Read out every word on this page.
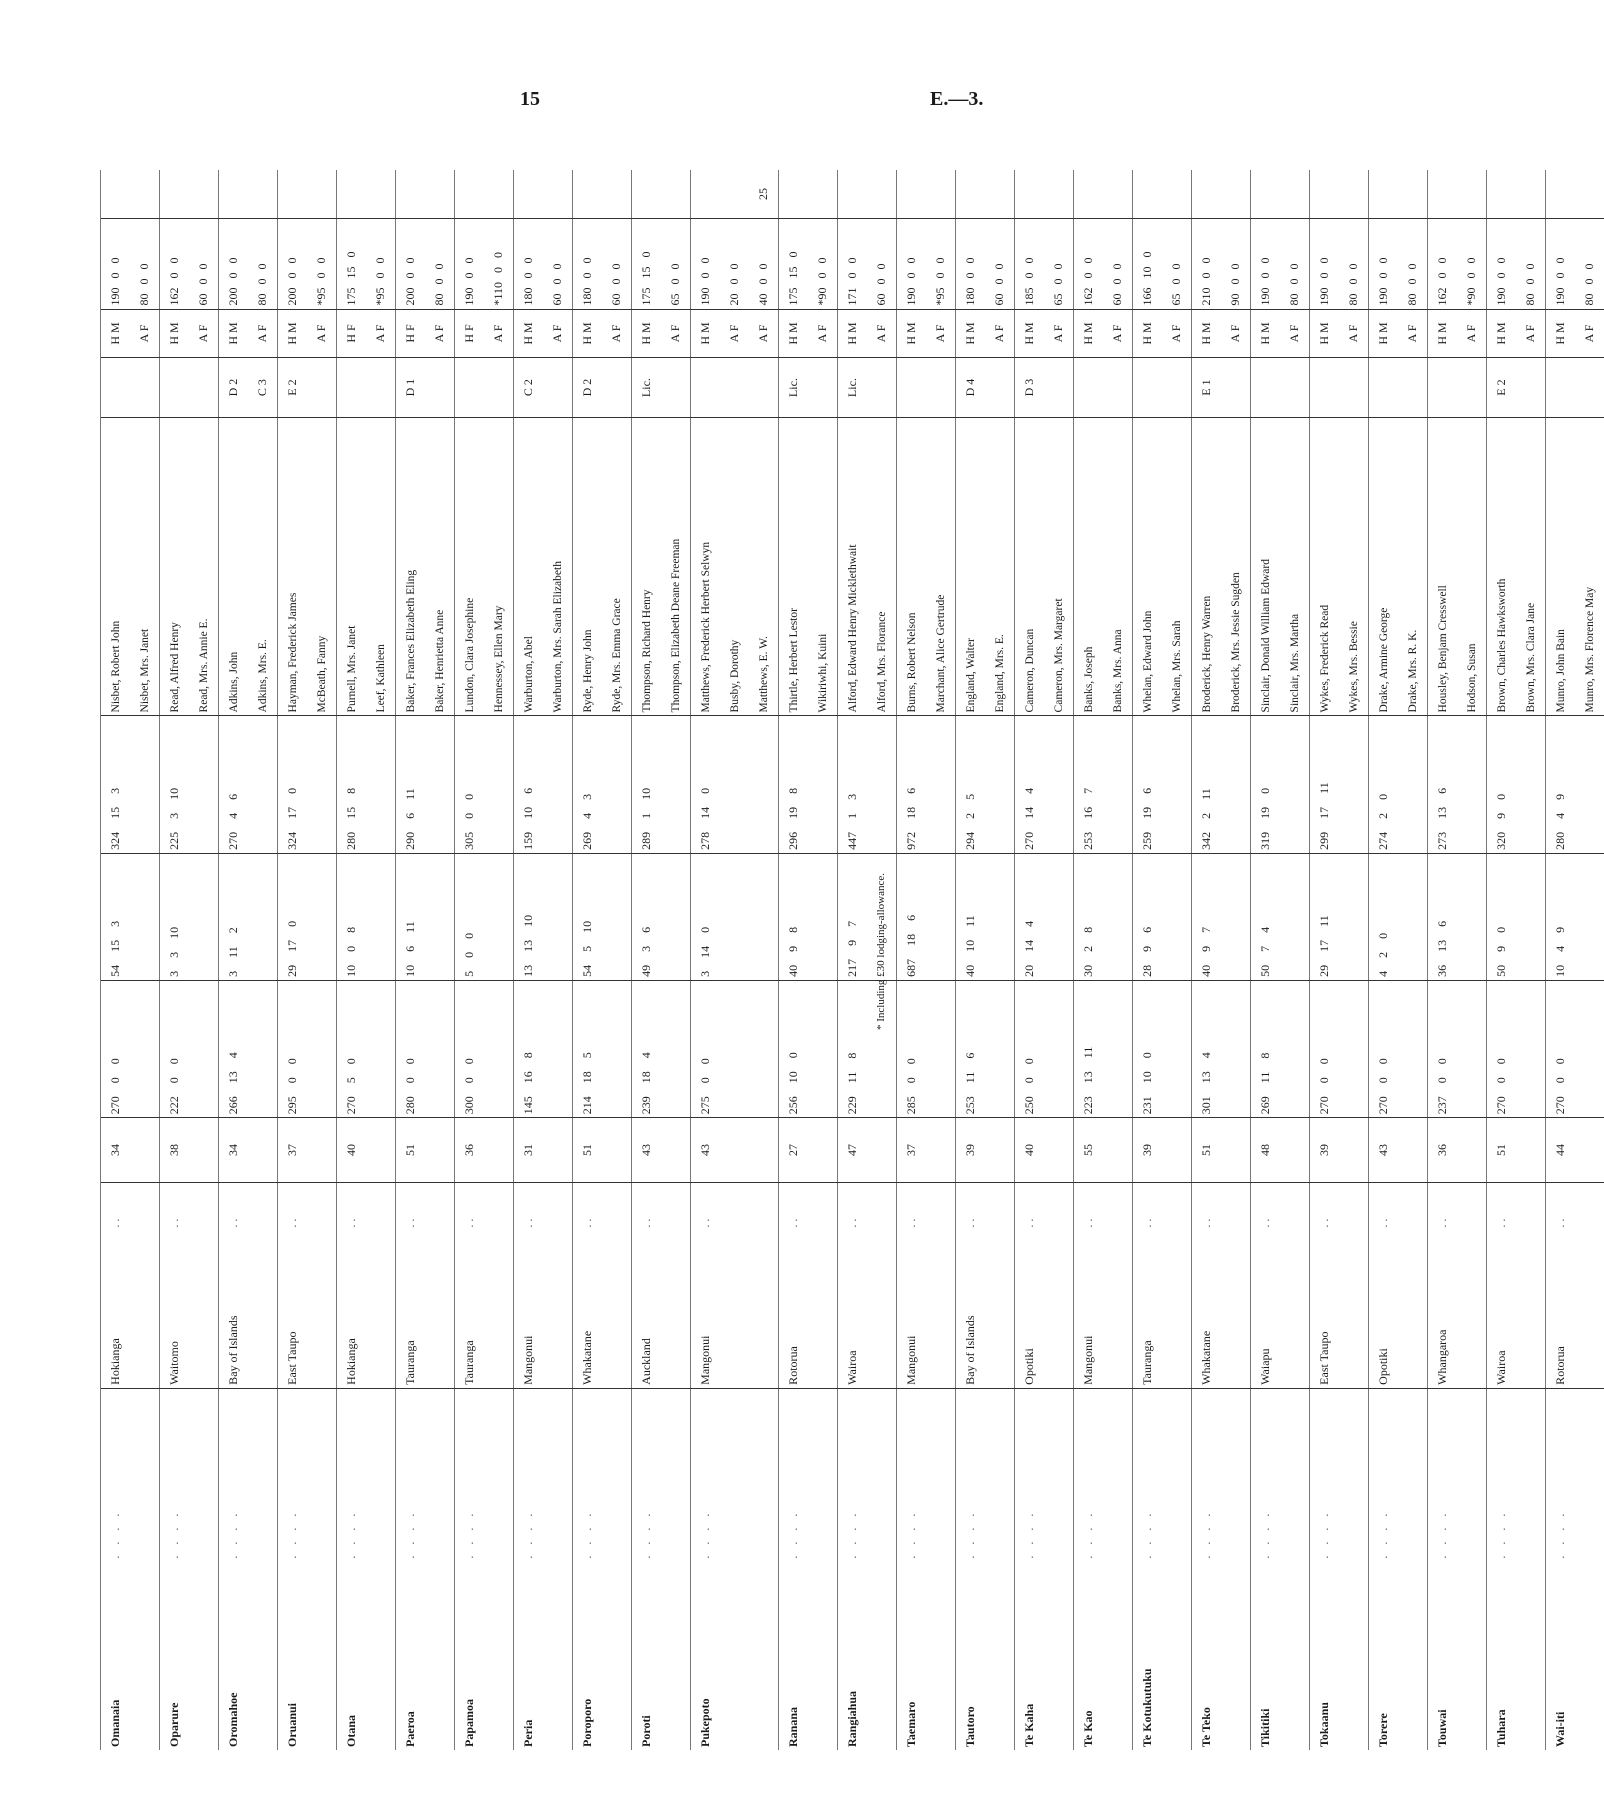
15	E.—3.
Omanaia	. . . .	Hokianga	. .	34	270 0 0	54 15 3	324 15 3	Nisbet, Robert John		H M	190 0 0	
								Nisbet, Mrs. Janet		A F	80 0 0	
Oparure	. . . .	Waitomo	. .	38	222 0 0	3 3 10	225 3 10	Read, Alfred Henry		H M	162 0 0	
								Read, Mrs. Annie E.		A F	60 0 0	
Oromahoe	. . . .	Bay of Islands	. .	34	266 13 4	3 11 2	270 4 6	Adkins, John	D 2	H M	200 0 0	
								Adkins, Mrs. E.	C 3	A F	80 0 0	
Oruanui	. . . .	East Taupo	. .	37	295 0 0	29 17 0	324 17 0	Hayman, Frederick James	E 2	H M	200 0 0	
								McBeath, Fanny		A F	*95 0 0	
Otana	. . . .	Hokianga	. .	40	270 5 0	10 0 8	280 15 8	Purnell, Mrs. Janet		H F	175 15 0	
								Leef, Kathleen		A F	*95 0 0	
Paeroa	. . . .	Tauranga	. .	51	280 0 0	10 6 11	290 6 11	Baker, Frances Elizabeth Eling	D 1	H F	200 0 0	
								Baker, Henrietta Anne		A F	80 0 0	
Papamoa	. . . .	Tauranga	. .	36	300 0 0	5 0 0	305 0 0	Lundon, Clara Josephine		H F	190 0 0	
								Hennessey, Ellen Mary		A F	*110 0 0	
Peria	. . . .	Mangonui	. .	31	145 16 8	13 13 10	159 10 6	Warburton, Abel	C 2	H M	180 0 0	
								Warburton, Mrs. Sarah Elizabeth		A F	60 0 0	
Poroporo	. . . .	Whakatane	. .	51	214 18 5	54 5 10	269 4 3	Ryde, Henry John	D 2	H M	180 0 0	
								Ryde, Mrs. Emma Grace		A F	60 0 0	
Poroti	. . . .	Auckland	. .	43	239 18 4	49 3 6	289 1 10	Thompson, Richard Henry	Lic.	H M	175 15 0	
								Thompson, Elizabeth Deane Freeman		A F	65 0 0	
Pukepoto	. . . .	Mangonui	. .	43	275 0 0	3 14 0	278 14 0	Matthews, Frederick Herbert Selwyn		H M	190 0 0	
								Busby, Dorothy		A F	20 0 0	
								Matthews, E. W.		A F	40 0 0	25
Ranana	. . . .	Rotorua	. .	27	256 10 0	40 9 8	296 19 8	Thirtle, Herbert Lestor	Lic.	H M	175 15 0	
								Wikiriwhi, Kuini		A F	*90 0 0	
Rangiahua	. . . .	Wairoa	. .	47	229 11 8	217 9 7	447 1 3	Alford, Edward Henry Micklethwait	Lic.	H M	171 0 0	
								Alford, Mrs. Florance		A F	60 0 0	
Taemaro	. . . .	Mangonui	. .	37	285 0 0	687 18 6	972 18 6	Burns, Robert Nelson		H M	190 0 0	
								Marchant, Alice Gertrude		A F	*95 0 0	
Tautoro	. . . .	Bay of Islands	. .	39	253 11 6	40 10 11	294 2 5	England, Walter	D 4	H M	180 0 0	
								England, Mrs. E.		A F	60 0 0	
Te Kaha	. . . .	Opotiki	. .	40	250 0 0	20 14 4	270 14 4	Cameron, Duncan	D 3	H M	185 0 0	
								Cameron, Mrs. Margaret		A F	65 0 0	
Te Kao	. . . .	Mangonui	. .	55	223 13 11	30 2 8	253 16 7	Banks, Joseph		H M	162 0 0	
								Banks, Mrs. Anna		A F	60 0 0	
Te Kotukutuku	. . . .	Tauranga	. .	39	231 10 0	28 9 6	259 19 6	Whelan, Edward John		H M	166 10 0	
								Whelan, Mrs. Sarah		A F	65 0 0	
Te Teko	. . . .	Whakatane	. .	51	301 13 4	40 9 7	342 2 11	Broderick, Henry Warren	E 1	H M	210 0 0	
								Broderick, Mrs. Jessie Sugden		A F	90 0 0	
Tikitiki	. . . .	Waiapu	. .	48	269 11 8	50 7 4	319 19 0	Sinclair, Donald William Edward		H M	190 0 0	
								Sinclair, Mrs. Martha		A F	80 0 0	
Tokaanu	. . . .	East Taupo	. .	39	270 0 0	29 17 11	299 17 11	Wykes, Frederick Read		H M	190 0 0	
								Wykes, Mrs. Bessie		A F	80 0 0	
Torere	. . . .	Opotiki	. .	43	270 0 0	4 2 0	274 2 0	Drake, Armine George		H M	190 0 0	
								Drake, Mrs. R. K.		A F	80 0 0	
Touwai	. . . .	Whangaroa	. .	36	237 0 0	36 13 6	273 13 6	Housley, Benjam Cresswell		H M	162 0 0	
								Hodson, Susan		A F	*90 0 0	
Tuhara	. . . .	Wairoa	. .	51	270 0 0	50 9 0	320 9 0	Brown, Charles Hawksworth	E 2	H M	190 0 0	
								Brown, Mrs. Clara Jane		A F	80 0 0	
Wai-iti	. . . .	Rotorua	. .	44	270 0 0	10 4 9	280 4 9	Munro, John Bain		H M	190 0 0	
								Munro, Mrs. Florence May		A F	80 0 0	
* Including £30 lodging-allowance.
